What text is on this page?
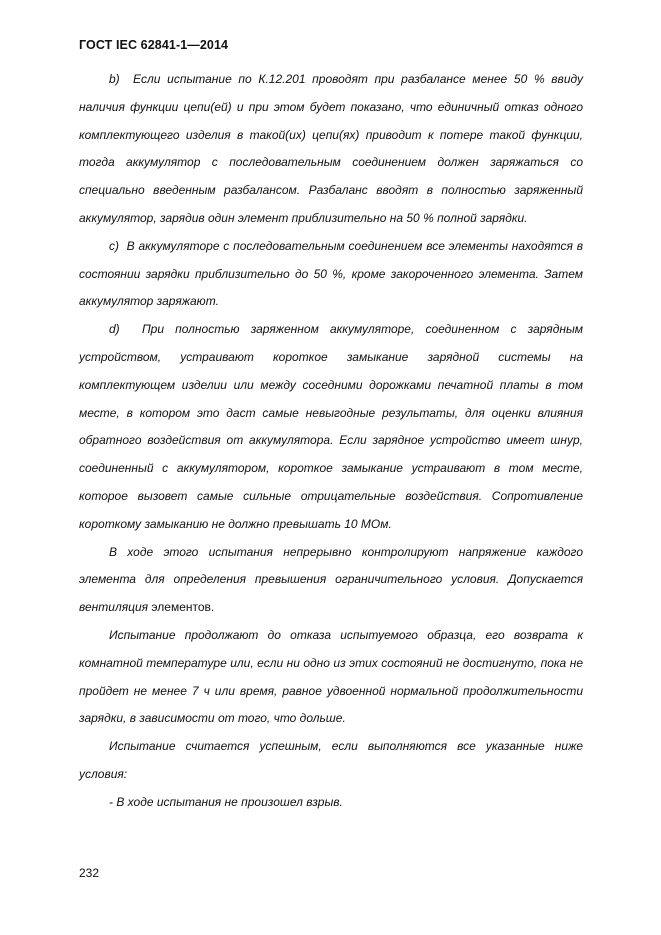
ГОСТ IEC 62841-1—2014

b)  Если испытание по К.12.201 проводят при разбалансе менее 50 % ввиду наличия функции цепи(ей) и при этом будет показано, что единичный отказ одного комплектующего изделия в такой(их) цепи(ях) приводит к потере такой функции, тогда аккумулятор с последовательным соединением должен заряжаться со специально введенным разбалансом. Разбаланс вводят в полностью заряженный аккумулятор, зарядив один элемент приблизительно на 50 % полной зарядки.

c)  В аккумуляторе с последовательным соединением все элементы находятся в состоянии зарядки приблизительно до 50 %, кроме закороченного элемента. Затем аккумулятор заряжают.

d)  При полностью заряженном аккумуляторе, соединенном с зарядным устройством, устраивают короткое замыкание зарядной системы на комплектующем изделии или между соседними дорожками печатной платы в том месте, в котором это даст самые невыгодные результаты, для оценки влияния обратного воздействия от аккумулятора. Если зарядное устройство имеет шнур, соединенный с аккумулятором, короткое замыкание устраивают в том месте, которое вызовет самые сильные отрицательные воздействия. Сопротивление короткому замыканию не должно превышать 10 МОм.

В ходе этого испытания непрерывно контролируют напряжение каждого элемента для определения превышения ограничительного условия. Допускается вентиляция элементов.

Испытание продолжают до отказа испытуемого образца, его возврата к комнатной температуре или, если ни одно из этих состояний не достигнуто, пока не пройдет не менее 7 ч или время, равное удвоенной нормальной продолжительности зарядки, в зависимости от того, что дольше.

Испытание считается успешным, если выполняются все указанные ниже условия:

- В ходе испытания не произошел взрыв.

232
